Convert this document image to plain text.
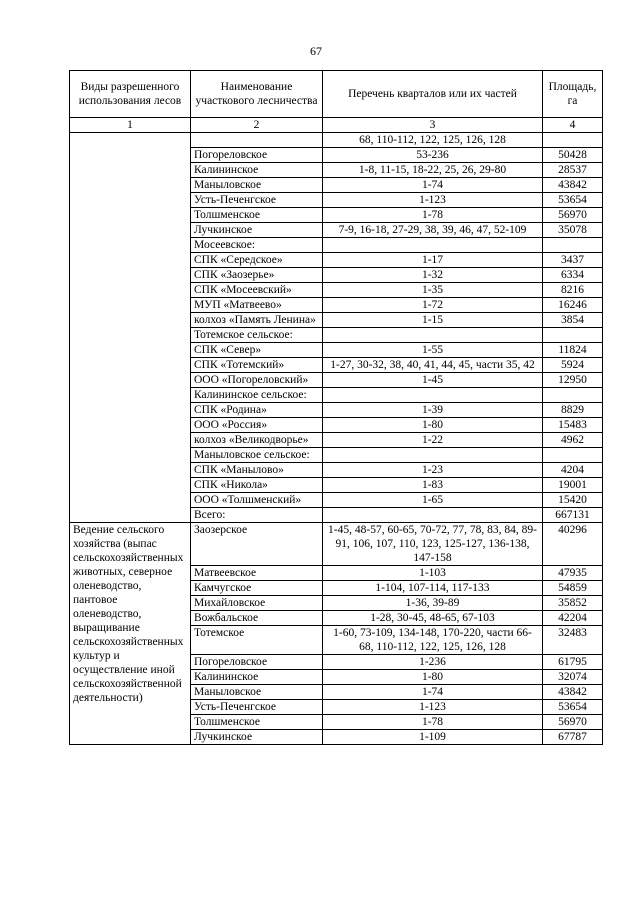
67
Виды разрешенного использования лесов	Наименование участкового лесничества	Перечень кварталов или их частей	Площадь, га
1	2	3	4
		68, 110-112, 122, 125, 126, 128	
	Погореловское	53-236	50428
	Калининское	1-8, 11-15, 18-22, 25, 26, 29-80	28537
	Маныловское	1-74	43842
	Усть-Печенгское	1-123	53654
	Толшменское	1-78	56970
	Лучкинское	7-9, 16-18, 27-29, 38, 39, 46, 47, 52-109	35078
	Мосеевское:		
	СПК «Середское»	1-17	3437
	СПК «Заозерье»	1-32	6334
	СПК «Мосеевский»	1-35	8216
	МУП «Матвеево»	1-72	16246
	колхоз «Память Ленина»	1-15	3854
	Тотемское сельское:		
	СПК «Север»	1-55	11824
	СПК «Тотемский»	1-27, 30-32, 38, 40, 41, 44, 45, части 35, 42	5924
	ООО «Погореловский»	1-45	12950
	Калининское сельское:		
	СПК «Родина»	1-39	8829
	ООО «Россия»	1-80	15483
	колхоз «Великодворье»	1-22	4962
	Маныловское сельское:		
	СПК «Манылово»	1-23	4204
	СПК «Никола»	1-83	19001
	ООО «Толшменский»	1-65	15420
	Всего:		667131
Ведение сельского хозяйства (выпас сельскохозяйственных животных, северное оленеводство, пантовое оленеводство, выращивание сельскохозяйственных культур и осуществление иной сельскохозяйственной деятельности)	Заозерское	1-45, 48-57, 60-65, 70-72, 77, 78, 83, 84, 89-91, 106, 107, 110, 123, 125-127, 136-138, 147-158	40296
	Матвеевское	1-103	47935
	Камчугское	1-104, 107-114, 117-133	54859
	Михайловское	1-36, 39-89	35852
	Вожбальское	1-28, 30-45, 48-65, 67-103	42204
	Тотемское	1-60, 73-109, 134-148, 170-220, части 66-68, 110-112, 122, 125, 126, 128	32483
	Погореловское	1-236	61795
	Калининское	1-80	32074
	Маныловское	1-74	43842
	Усть-Печенгское	1-123	53654
	Толшменское	1-78	56970
	Лучкинское	1-109	67787
